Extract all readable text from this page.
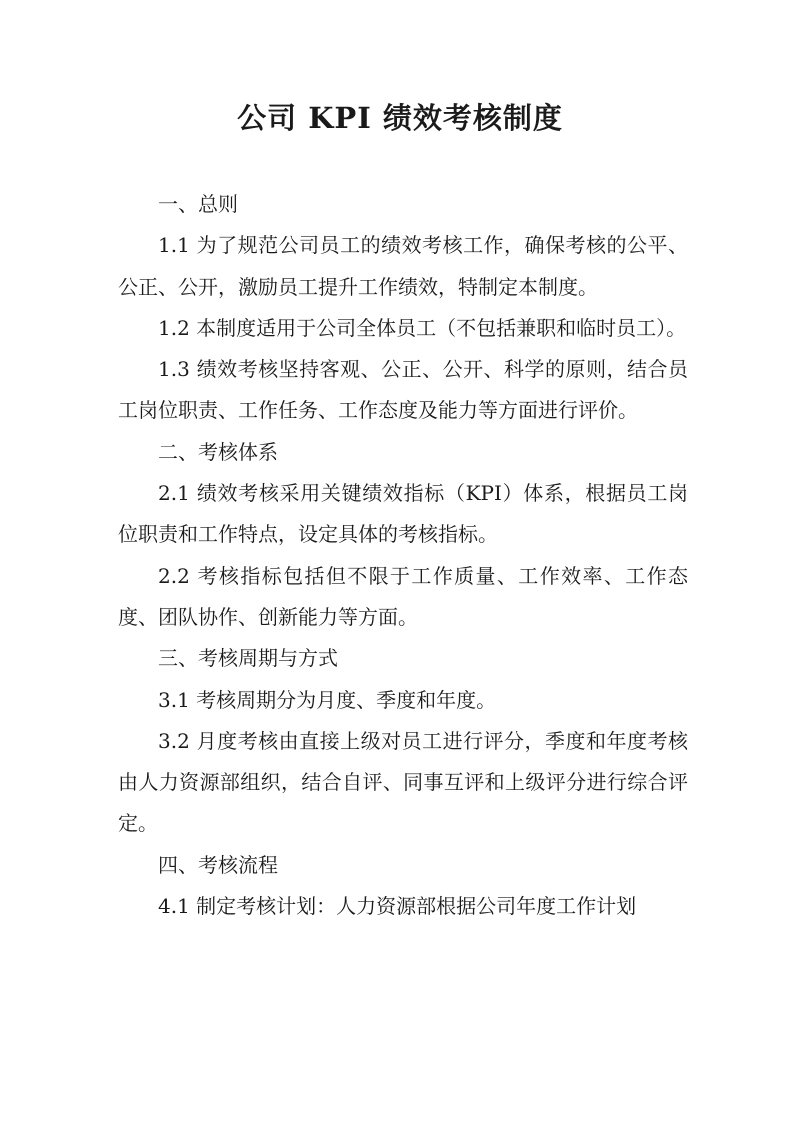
公司 KPI 绩效考核制度

一、总则

1.1 为了规范公司员工的绩效考核工作，确保考核的公平、公正、公开，激励员工提升工作绩效，特制定本制度。

1.2 本制度适用于公司全体员工（不包括兼职和临时员工）。

1.3 绩效考核坚持客观、公正、公开、科学的原则，结合员工岗位职责、工作任务、工作态度及能力等方面进行评价。

二、考核体系

2.1 绩效考核采用关键绩效指标（KPI）体系，根据员工岗位职责和工作特点，设定具体的考核指标。

2.2 考核指标包括但不限于工作质量、工作效率、工作态度、团队协作、创新能力等方面。

三、考核周期与方式

3.1 考核周期分为月度、季度和年度。

3.2 月度考核由直接上级对员工进行评分，季度和年度考核由人力资源部组织，结合自评、同事互评和上级评分进行综合评定。

四、考核流程

4.1 制定考核计划：人力资源部根据公司年度工作计划
